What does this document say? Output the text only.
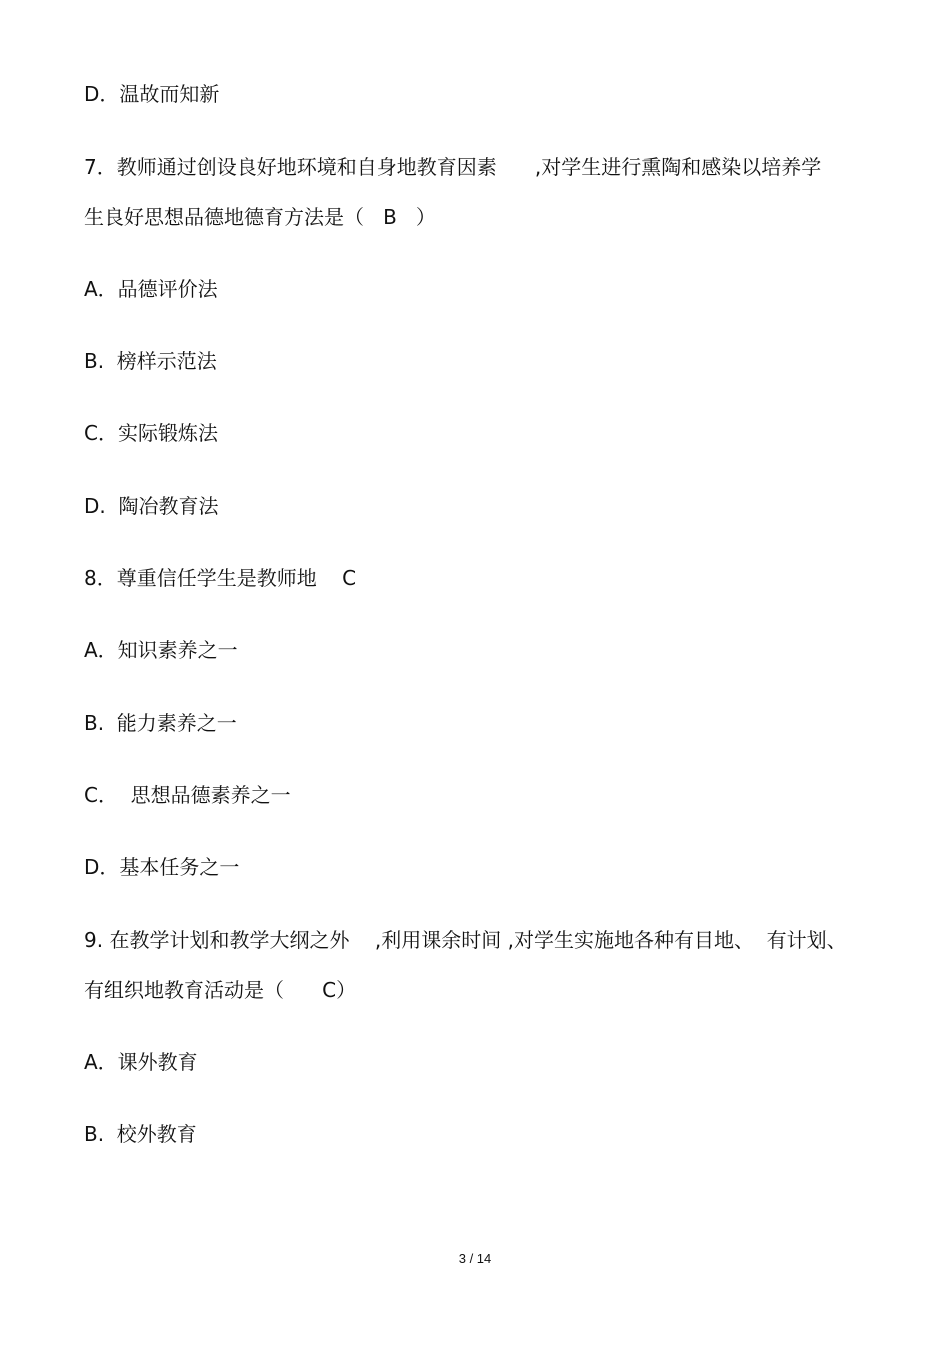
D．温故而知新
7．教师通过创设良好地环境和自身地教育因素      ,对学生进行熏陶和感染以培养学
生良好思想品德地德育方法是（   B   ）
A．品德评价法
B.  榜样示范法
C．实际锻炼法
D.  陶冶教育法
8．尊重信任学生是教师地    C
A．知识素养之一
B.  能力素养之一
C．  思想品德素养之一
D．基本任务之一
9. 在教学计划和教学大纲之外    ,利用课余时间 ,对学生实施地各种有目地、  有计划、
有组织地教育活动是（      C）
A．课外教育
B.  校外教育
3 / 14
